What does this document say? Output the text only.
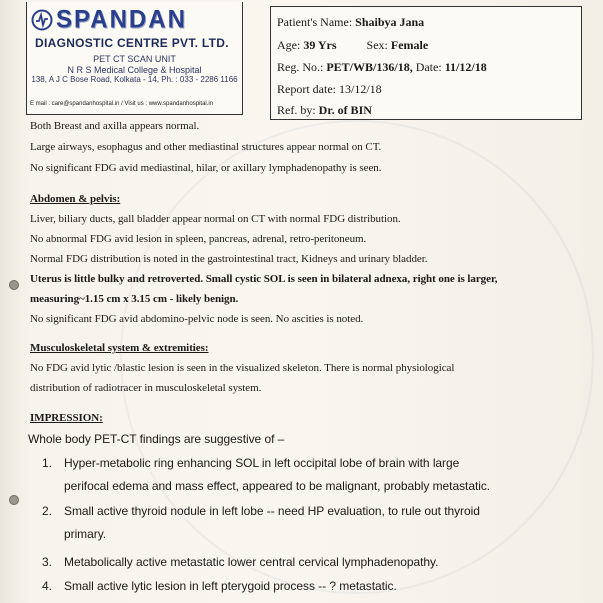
SPANDAN
DIAGNOSTIC CENTRE PVT. LTD.
PET CT SCAN UNIT
N R S Medical College & Hospital
138, A J C Bose Road, Kolkata - 14, Ph. : 033 - 2286 1166
E mail : care@spandanhospital.in / Visit us : www.spandanhospital.in
Patient's Name: Shaibya Jana
Age: 39 Yrs	Sex: Female
Reg. No.: PET/WB/136/18, Date: 11/12/18
Report date: 13/12/18
Ref. by: Dr. of BIN
Both Breast and axilla appears normal.
Large airways, esophagus and other mediastinal structures appear normal on CT.
No significant FDG avid mediastinal, hilar, or axillary lymphadenopathy is seen.
Abdomen & pelvis:
Liver, biliary ducts, gall bladder appear normal on CT with normal FDG distribution.
No abnormal FDG avid lesion in spleen, pancreas, adrenal, retro-peritoneum.
Normal FDG distribution is noted in the gastrointestinal tract, Kidneys and urinary bladder.
Uterus is little bulky and retroverted. Small cystic SOL is seen in bilateral adnexa, right one is larger,
measuring~1.15 cm x 3.15 cm - likely benign.
No significant FDG avid abdomino-pelvic node is seen. No ascities is noted.
Musculoskeletal system & extremities:
No FDG avid lytic /blastic lesion is seen in the visualized skeleton. There is normal physiological
distribution of radiotracer in musculoskeletal system.
IMPRESSION:
Whole body PET-CT findings are suggestive of –
1. Hyper-metabolic ring enhancing SOL in left occipital lobe of brain with large
perifocal edema and mass effect, appeared to be malignant, probably metastatic.
2. Small active thyroid nodule in left lobe -- need HP evaluation, to rule out thyroid
primary.
3. Metabolically active metastatic lower central cervical lymphadenopathy.
4. Small active lytic lesion in left pterygoid process -- ? metastatic.
